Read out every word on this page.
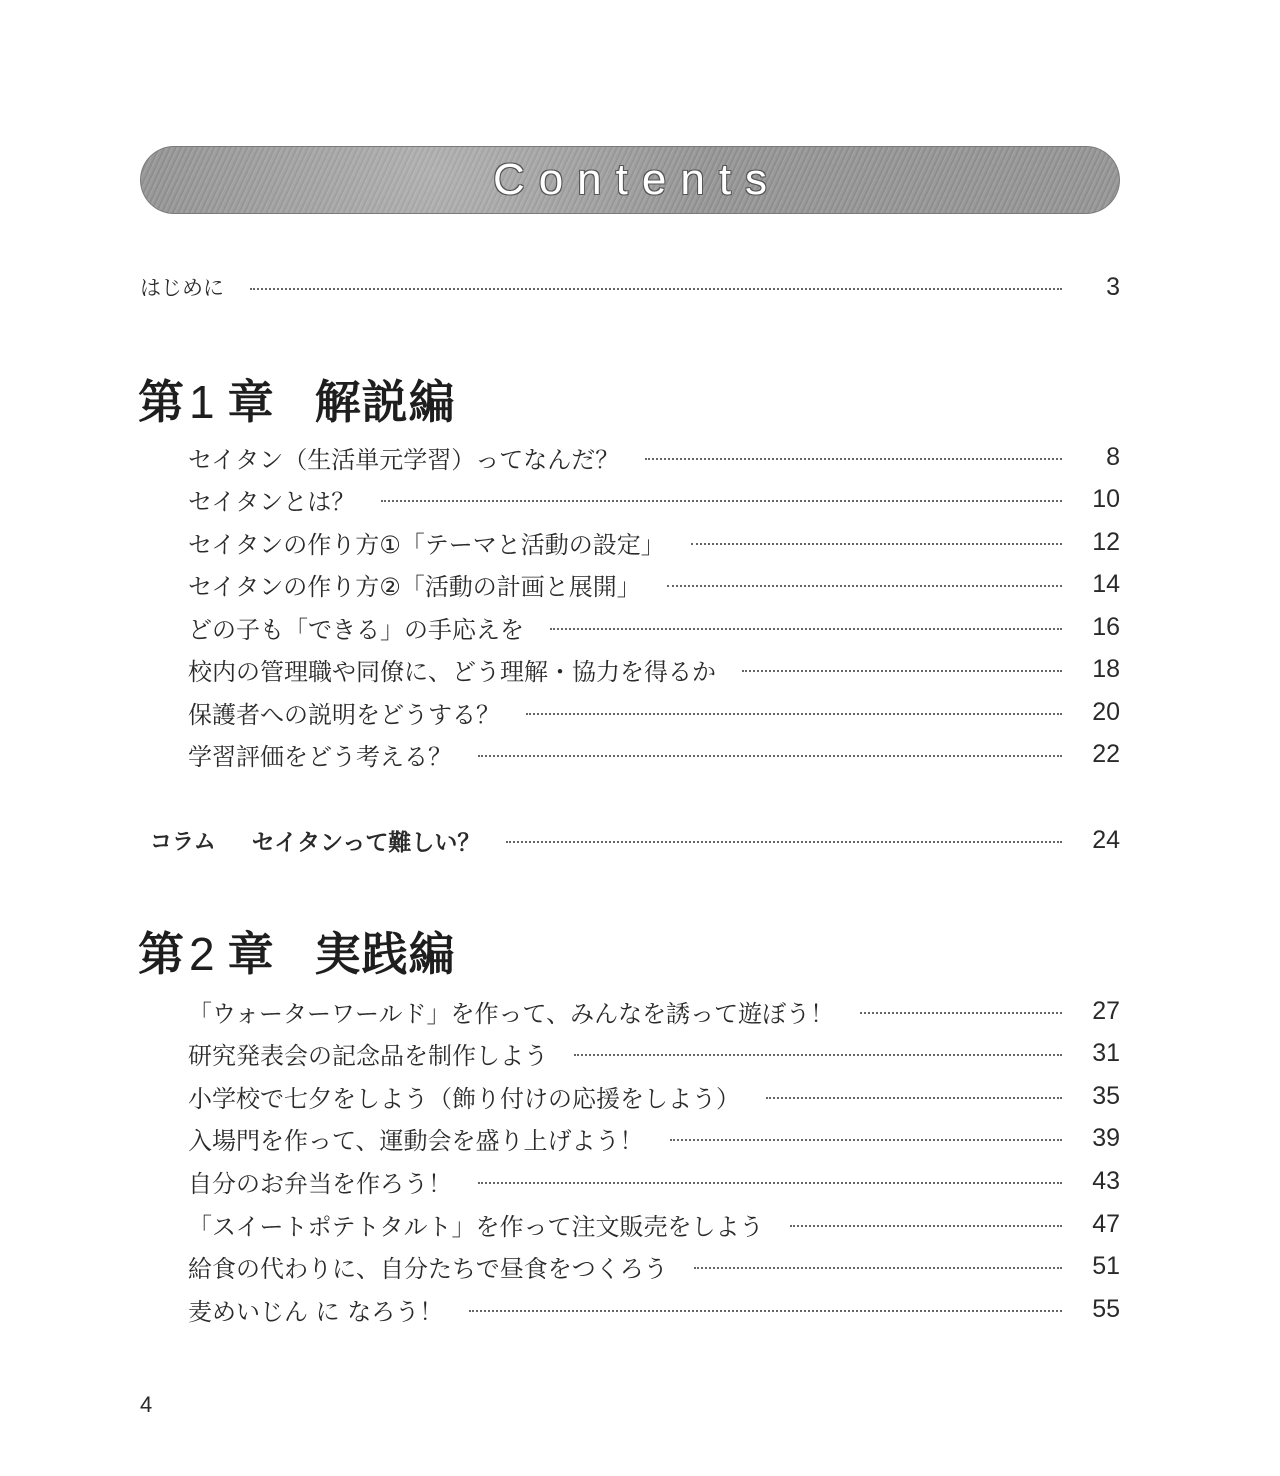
Contents
はじめに	3
第1 章 解説編
セイタン（生活単元学習）ってなんだ？	8
セイタンとは？	10
セイタンの作り方①「テーマと活動の設定」	12
セイタンの作り方②「活動の計画と展開」	14
どの子も「できる」の手応えを	16
校内の管理職や同僚に、どう理解・協力を得るか	18
保護者への説明をどうする？	20
学習評価をどう考える？	22
コラム セイタンって難しい？	24
第2 章 実践編
「ウォーターワールド」を作って、みんなを誘って遊ぼう！	27
研究発表会の記念品を制作しよう	31
小学校で七夕をしよう（飾り付けの応援をしよう）	35
入場門を作って、運動会を盛り上げよう！	39
自分のお弁当を作ろう！	43
「スイートポテトタルト」を作って注文販売をしよう	47
給食の代わりに、自分たちで昼食をつくろう	51
麦めいじん に なろう！	55
4
